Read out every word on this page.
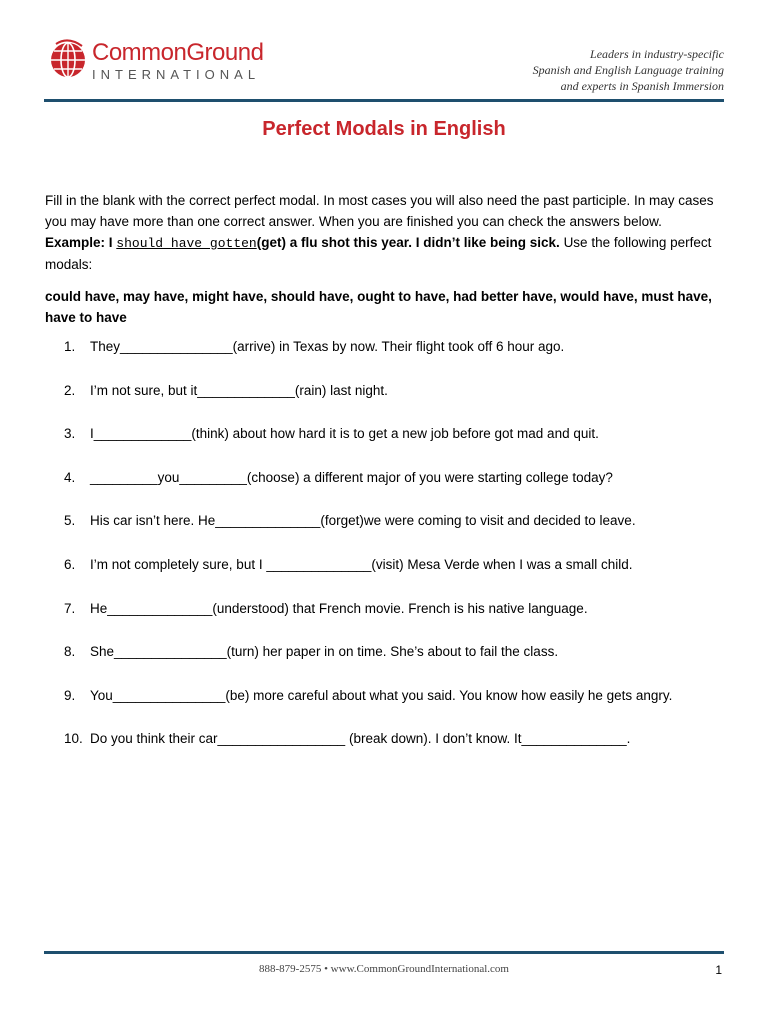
CommonGround
INTERNATIONAL
Leaders in industry-specific
Spanish and English Language training
and experts in Spanish Immersion
Perfect Modals in English
Fill in the blank with the correct perfect modal. In most cases you will also need the past participle. In may cases you may have more than one correct answer. When you are finished you can check the answers below. Example: I should have gotten(get) a flu shot this year. I didn’t like being sick. Use the following perfect modals:
could have, may have, might have, should have, ought to have, had better have, would have, must have, have to have
1.	They_______________(arrive) in Texas by now. Their flight took off 6 hour ago.
2.	I’m not sure, but it_____________(rain) last night.
3.	I_____________(think) about how hard it is to get a new job before got mad and quit.
4.	_________you_________(choose) a different major of you were starting college today?
5.	His car isn’t here. He______________(forget)we were coming to visit and decided to leave.
6.	I’m not completely sure, but I ______________(visit) Mesa Verde when I was a small child.
7.	He______________(understood) that French movie. French is his native language.
8.	She_______________(turn) her paper in on time. She’s about to fail the class.
9.	You_______________(be) more careful about what you said. You know how easily he gets angry.
10. Do you think their car_________________ (break down). I don’t know. It______________.
888-879-2575 • www.CommonGroundInternational.com	1
